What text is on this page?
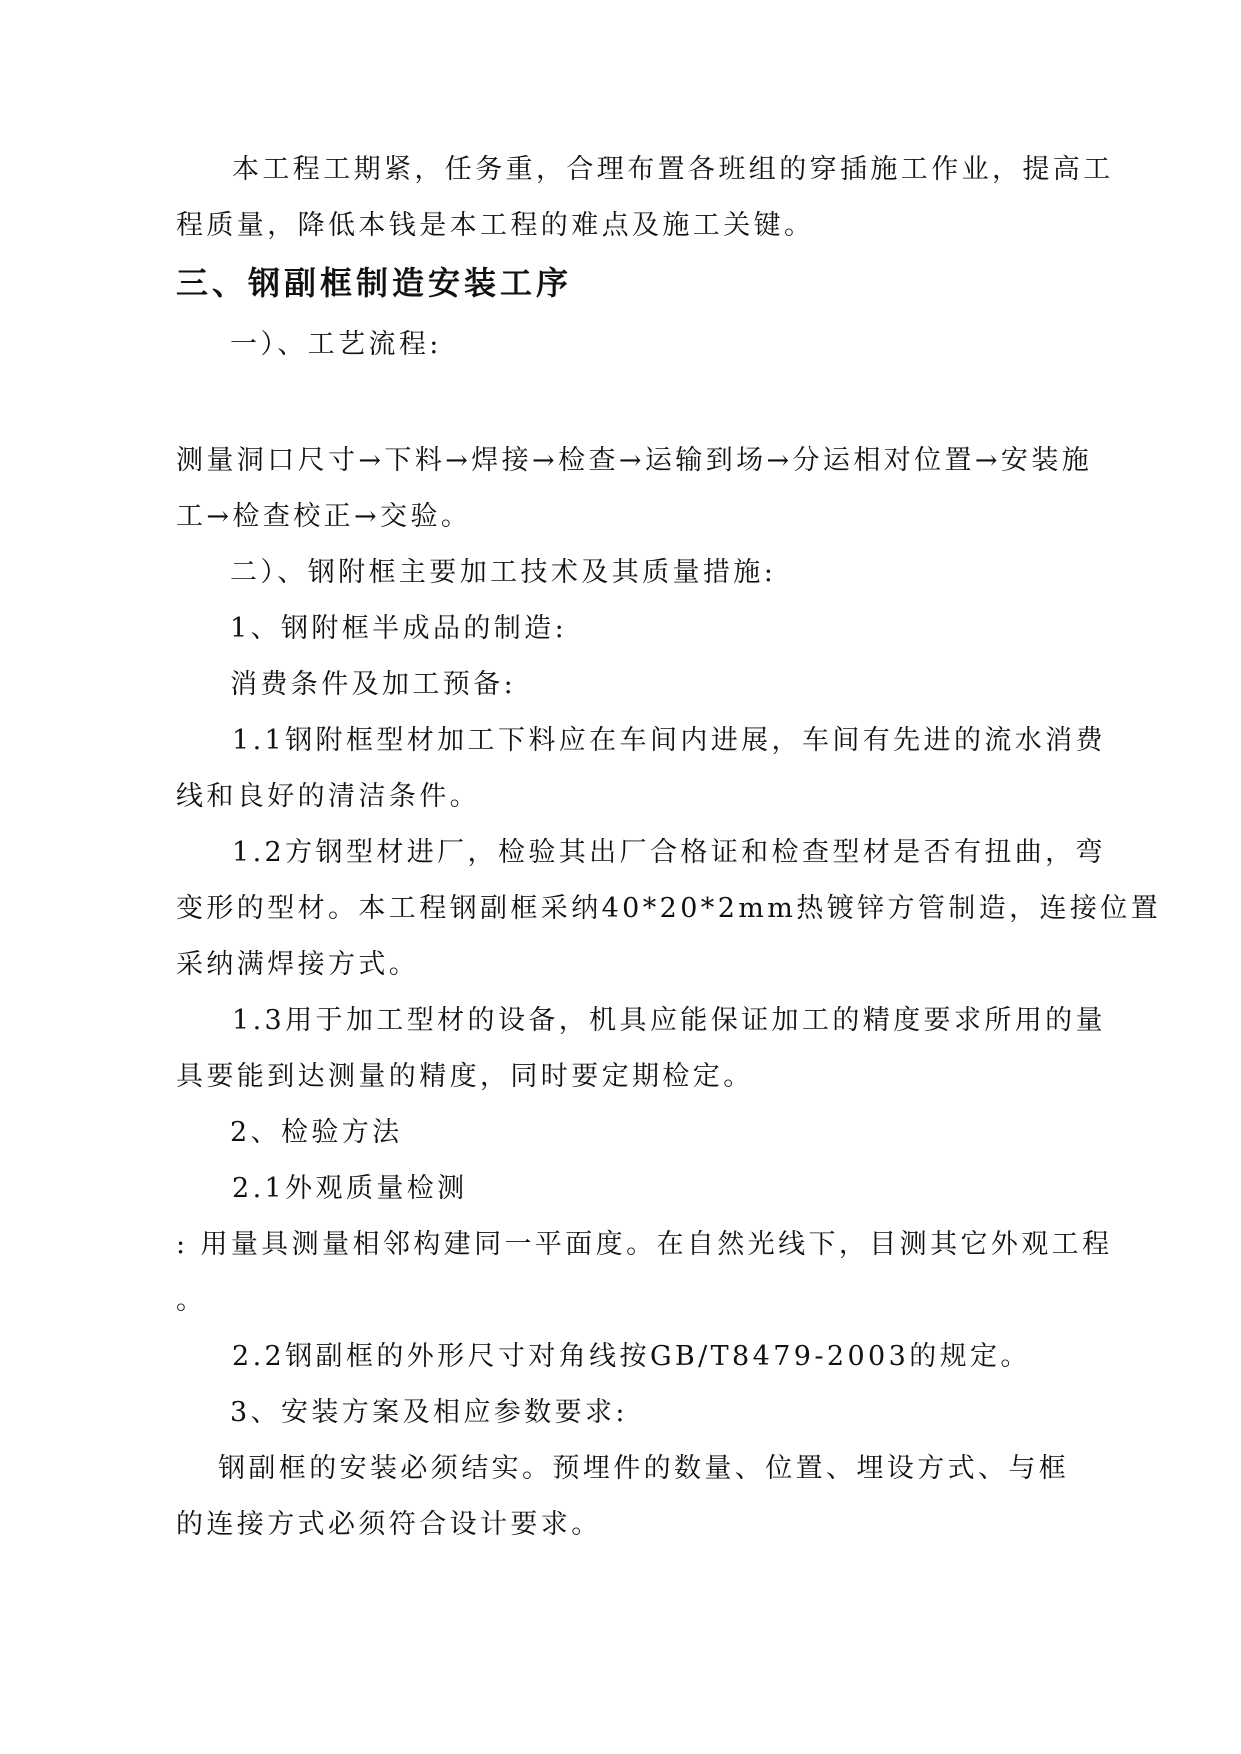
本工程工期紧，任务重，合理布置各班组的穿插施工作业，提高工
程质量，降低本钱是本工程的难点及施工关键。
三、钢副框制造安装工序
一）、工艺流程:
测量洞口尺寸→下料→焊接→检查→运输到场→分运相对位置→安装施
工→检查校正→交验。
二）、钢附框主要加工技术及其质量措施:
1、钢附框半成品的制造:
消费条件及加工预备:
1.1钢附框型材加工下料应在车间内进展，车间有先进的流水消费
线和良好的清洁条件。
1.2方钢型材进厂，检验其出厂合格证和检查型材是否有扭曲，弯
变形的型材。本工程钢副框采纳40*20*2mm热镀锌方管制造，连接位置
采纳满焊接方式。
1.3用于加工型材的设备，机具应能保证加工的精度要求所用的量
具要能到达测量的精度，同时要定期检定。
2、检验方法
2.1外观质量检测
: 用量具测量相邻构建同一平面度。在自然光线下，目测其它外观工程
。
2.2钢副框的外形尺寸对角线按GB/T8479-2003的规定。
3、安装方案及相应参数要求:
钢副框的安装必须结实。预埋件的数量、位置、埋设方式、与框
的连接方式必须符合设计要求。
